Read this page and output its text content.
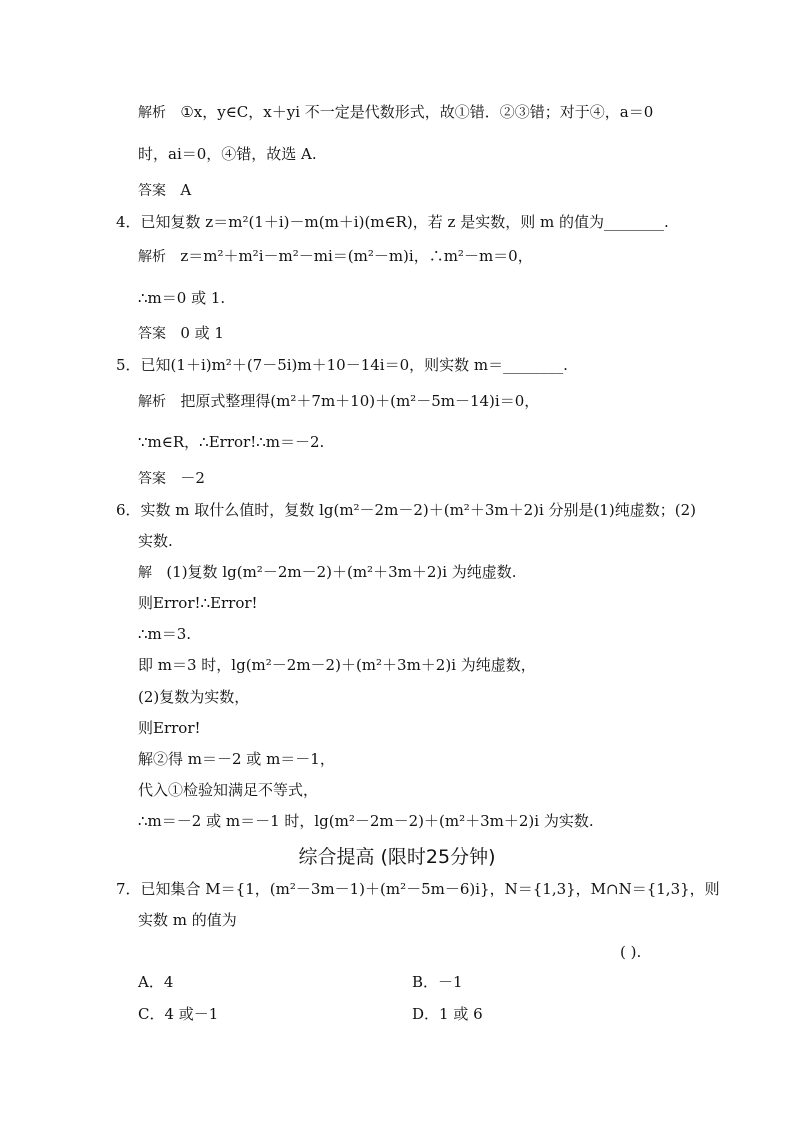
解析 ①x，y∈C，x＋yi 不一定是代数形式，故①错．②③错；对于④，a＝0
时，ai＝0，④错，故选 A.
答案 A
4．已知复数 z＝m²(1＋i)－m(m＋i)(m∈R)，若 z 是实数，则 m 的值为________.
解析 z＝m²＋m²i－m²－mi＝(m²－m)i，∴m²－m＝0，
∴m＝0 或 1.
答案 0 或 1
5．已知(1＋i)m²＋(7－5i)m＋10－14i＝0，则实数 m＝________.
解析 把原式整理得(m²＋7m＋10)＋(m²－5m－14)i＝0，
∵m∈R，∴Error!∴m＝－2.
答案 －2
6．实数 m 取什么值时，复数 lg(m²－2m－2)＋(m²＋3m＋2)i 分别是(1)纯虚数；(2)
实数.
解 (1)复数 lg(m²－2m－2)＋(m²＋3m＋2)i 为纯虚数.
则Error!∴Error!
∴m＝3.
即 m＝3 时，lg(m²－2m－2)＋(m²＋3m＋2)i 为纯虚数，
(2)复数为实数，
则Error!
解②得 m＝－2 或 m＝－1，
代入①检验知满足不等式，
∴m＝－2 或 m＝－1 时，lg(m²－2m－2)＋(m²＋3m＋2)i 为实数.
综合提高 (限时25分钟)
7．已知集合 M＝{1，(m²－3m－1)＋(m²－5m－6)i}，N＝{1,3}，M∩N＝{1,3}，则
实数 m 的值为
( ).
A．4	B．－1
C．4 或－1	D．1 或 6
